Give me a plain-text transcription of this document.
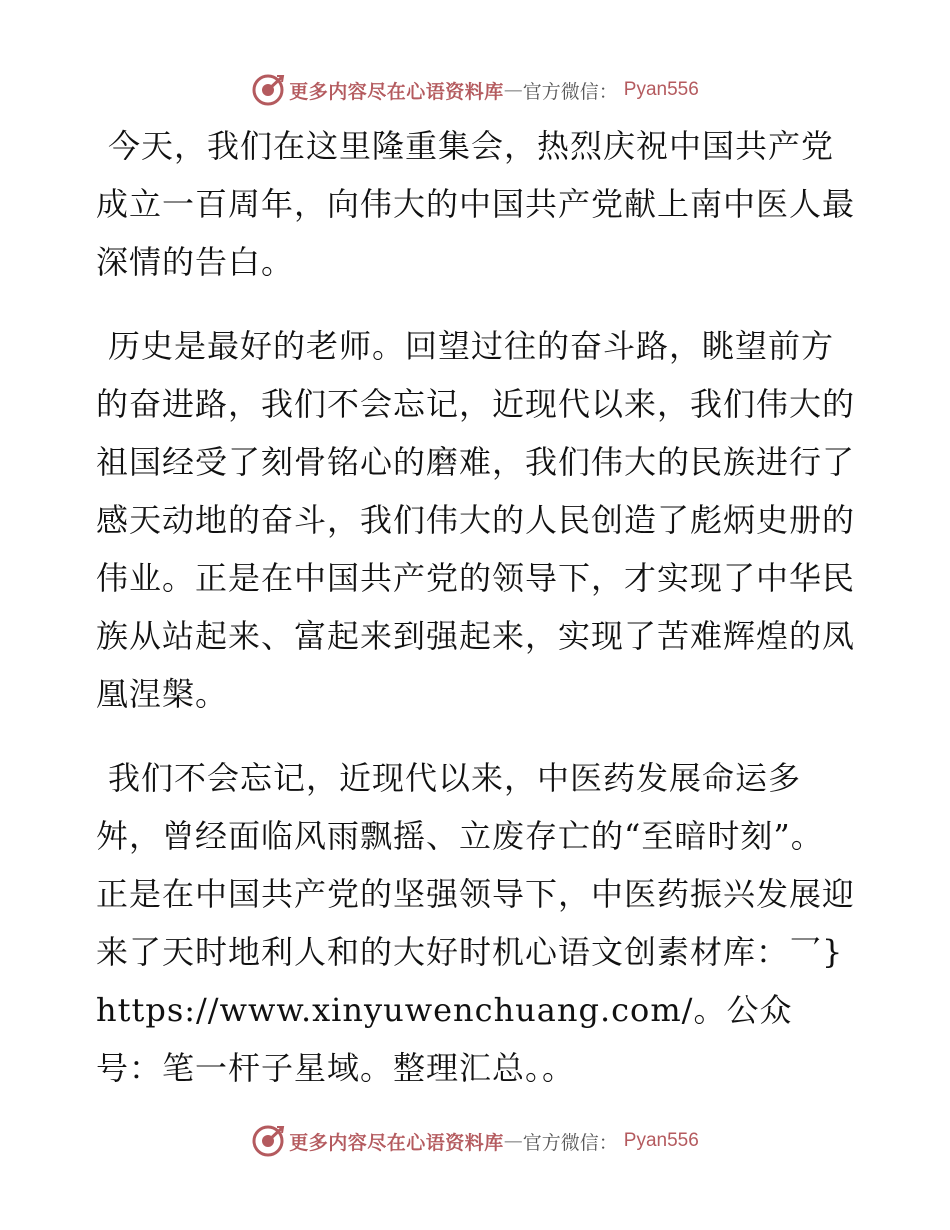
更多内容尽在心语资料库 — 官方微信 ： Pyan556

今天，我们在这里隆重集会，热烈庆祝中国共产党成立一百周年，向伟大的中国共产党献上南中医人最深情的告白。

历史是最好的老师。回望过往的奋斗路，眺望前方的奋进路，我们不会忘记，近现代以来，我们伟大的祖国经受了刻骨铭心的磨难，我们伟大的民族进行了感天动地的奋斗，我们伟大的人民创造了彪炳史册的伟业。正是在中国共产党的领导下，才实现了中华民族从站起来、富起来到强起来，实现了苦难辉煌的凤凰涅槃。

我们不会忘记，近现代以来，中医药发展命运多舛，曾经面临风雨飘摇、立废存亡的“至暗时刻”。正是在中国共产党的坚强领导下，中医药振兴发展迎来了天时地利人和的大好时机心语文创素材库：乛}https://www.xinyuwenchuang.com/。公众号：笔一杆子星域。整理汇总。。

更多内容尽在心语资料库 — 官方微信 ： Pyan556
